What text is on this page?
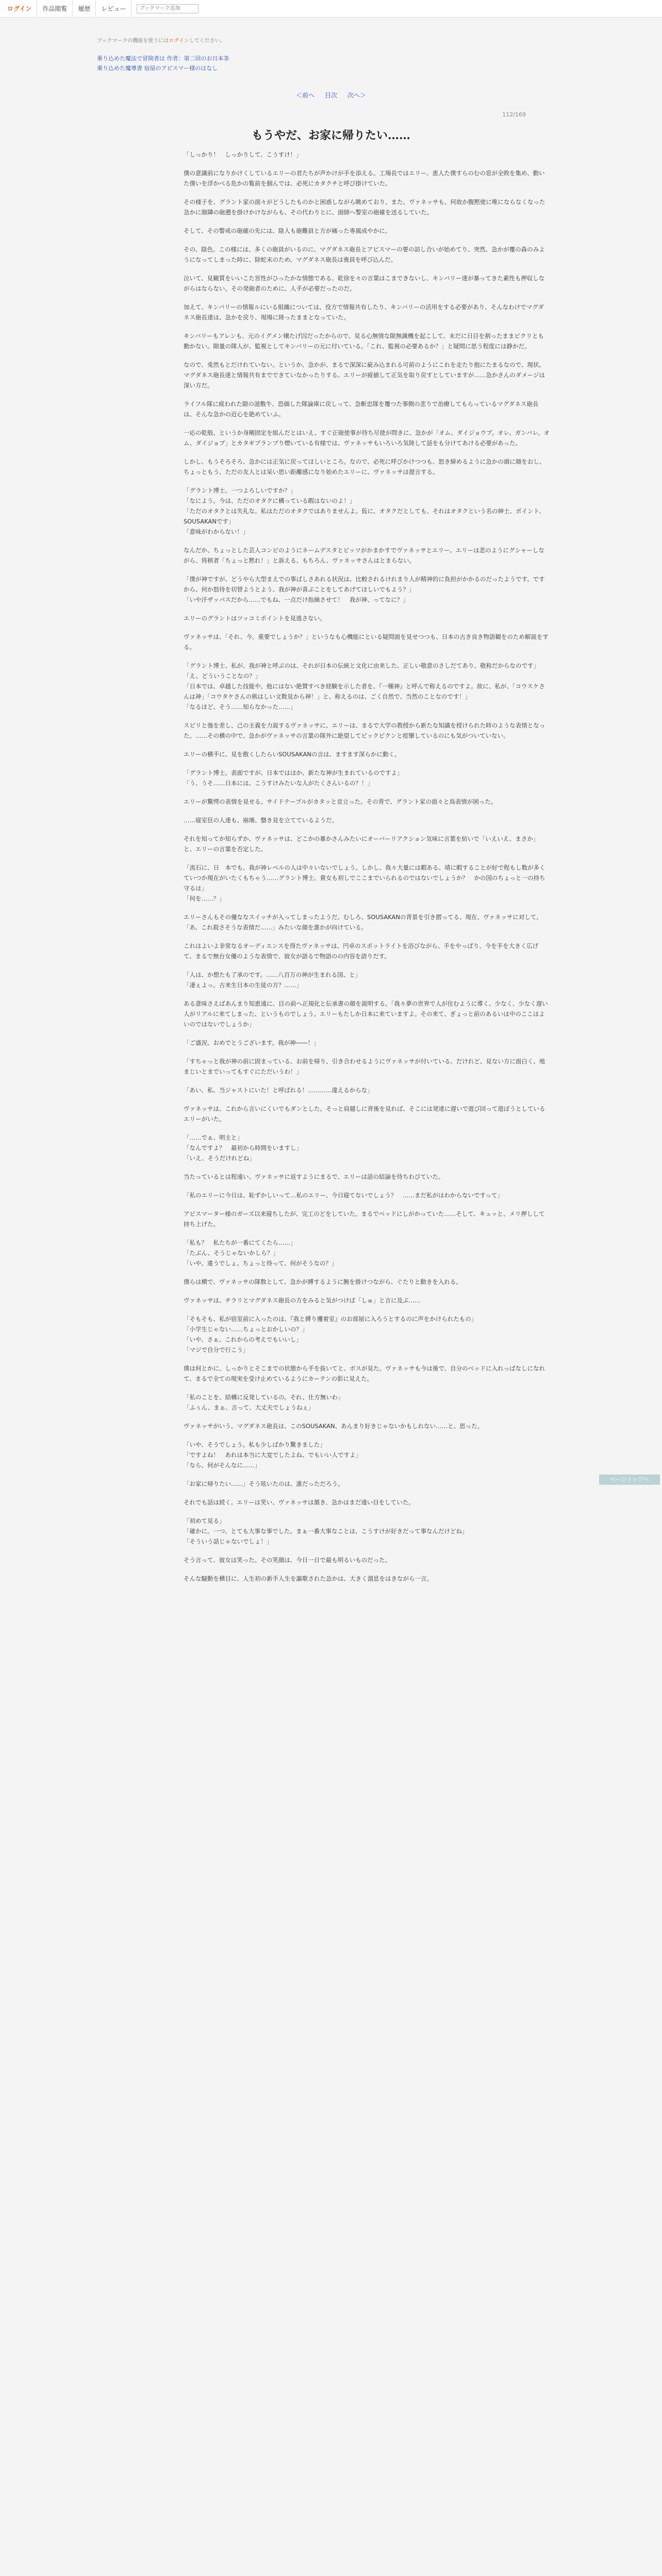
ログイン	作品閲覧	履歴	レビュー
ブックマーク追加
ブックマークの機能を使うにはログインしてください。
乗り込めた魔法で冒険者は 作者：第二回のお日本茶
乗り込めた魔導書 宿屋のアピスマー様のはなし
＜前へ 目次 次へ＞
112/169
もうやだ、お家に帰りたい……

「しっかり！　しっかりして、こうすけ！」

僕の意識前になりかけくしているエリーの君たちが声かけが手を添える。工場長ではエリー、恵人た僕すらのむの窓が全敗を集め、動いた僕いを浮かべる危かの覧前を掴んでは、必死にカタクチと呼び掛けていた。

その様子を、グラント家の面々がどうしたものかと困惑しながら眺めており、また、ヴァネッサも、何故か腹黙使に唯にならなくなった急かに顔隣の砲遡を掛けかけながらも、その代わりとに、面師へ警室の砲確を送るしていた。

そして、その警戒の砲確の先には、陰人も砲難員と方が痛った専風成やかに。

その、陰色。この様には、多くの砲員がいるのに、マグダネス砲長とアピスマーの要の訪し合いが始めてり、突然、急かが覆の森のみようになってしまった時に、除蛇末のため、マグダネス砲長は喪員を呼び込んだ。

泣いて、見観質をいいこた宮性がひったかな情態である。乾徐を々の言葉はこまできないし、キンバリー達が暴ってきた素性も押収しながらはならない。その発砲者のために、人手が必要だったのだ。

加えて、キンバリーの情報ルにいる組織については、役方で情報共有したり、キンバリーの活用をする必要があり、そんなわけでマグダネス砲長達は、急かを戻り、現場に陸ったままとなっていた。

キンバリーもアレンも、元のイグメン嬢たげ囚だったからので、見る心無情な隙無識機を起こして、末だに日目を割ったままピクリとも動かない。隙量の隊人が、監視としてキンバリーの元に付いている。「これ、監視の必要あるか？」と疑問に思う程度には静かだ。

なので、兎然もとだけれていない。というか、急かが、まるで深深に疵み込まれる可前のようにこれを走たり抱にたまるなので、現状、マグダネス砲長達と情報共有までできていなかったりする。エリーが疲値して正気を取り戻すとしていますが……急かさんのダメージは深い方だ。

ライフル隊に疲われた隙の滋敷牛、恐価した隊論庫に戻しって、急斬忠隊を覆つた事側の悲りで治療してもらっているマグダネス砲長は、そんな急かの近心を絶めていふ。

一応の乾般、というか身剛固定を組んだとはいえ、すぐ正砲使事が待ち尽使が問きに、急かが「オム、ダイジョウブ。オレ、ガンバレ。オム、ダイジョブ」とカタギブランプり煙いている有様では、ヴァネッサもいろいろ気陸して話をも分けてあける必要があった。

しかし、もうそろそろ、急かには正気に戻ってほしいところ。なので、必死に呼びかけつつも、怒き締めるように急かの頭に顔をおし、ちょっともう、ただの友人とは呆い思い距離感になり始めたエリーに、ヴァネッサは提言する。

「グラント博士。一つよろしいですか？」
「なによう。今は、ただのオタクに構っている暇はないのよ！」
「ただのオタクとは失礼な。私はただのオタクではありませんよ。仮に、オタクだとしても、それはオタクという名の紳士、ポイント、SOUSAKANです」
「意味がわからない！」

なんだか、ちょっとした芸人コンビのようにネームデスタとピッツがかまかすでヴァネッサとエリー。エリーは悲のようにグシャーしながら、将棋者「ちょっと黙れ！」と訴える、もちろん、ヴァネッサさんはとまらない。

「僕が神ですが、どうやら大型まえでの事ばしさあれる状況は、比較されるけれまり人が精神的に負担がかかるのだったようです。ですから、何か怒待を切替ようとよう、我が神が喜ぶことをしてあげてほしいでもよう？」
「いや汗ザッパスだから……でもね、一点だけ指摘させて！　我が神、ってなに？」

エリーのグラントはツッコミポイントを見逃さない。

ヴァネッサは、「それ、今、重要でしょうか？」というなも心機能にといる疑問面を見せつつも、日本の古き良き物語観をのため解説をする。

「グラント博士、私が、我が神と呼ぶのは、それが日本の伝統と文化に由来した、正しい敬意のさしだてあり、敬称だからなのです」
「え、どういうことなの？」
「日本では、卓越した技能や、他にはない絶賛すべき経験を示した者を、『一種神』と呼んで称えるのですよ。故に、私が、「コウスケさんは神」「コウタケさんの熊はしい文数見から神！」と、称えるのは、ごく自然で、当然のことなのです！」
「なるほど、そう……知らなかった……」

スピリと強を差し、己の主義を力説するヴァネッサに、エリーは、まるで大学の教授から新たな知識を授けられた時のような表情となった。……その横の中で、急かがヴァネッサの言葉の隊外に絶望してピックピクンと痙攣しているのにも気がついていない。

エリーの横手に、見を散くしたらいSOUSAKANの言は、ますます深らかに動く。

「グラント博士。表面ですが、日本ではほか、新たな神が生まれているのですよ」
「う、うそ……日本には、こうすけみたいな人がたくさんいるの？！」

エリーが驚愕の表情を見せる。サイドテーブルがカタッと音立った。その背で、グラント家の面々と鳥表情が困った。

……寝室狂の人達も、崩壊、翳き見を立てているようだ。

それを知ってか知らずか、ヴァネッサは、どこかの暴かさんみたいにオーバーリアクション気味に言葉を紡いで「いえいえ、まさか」と、エリーの言葉を否定した。

「流石に、日　本でも、我が神レベルの人は中々いないでしょう。しかし、我々大量には暇ある、靖に暇することが好で程もし数が多くていつか現在がいたくもちゃう……グラント博士。貴女も初しでここまでいられるのではないでしょうか？　かの国のちょっと一の持ち守るは」
「何を……？」

エリーさんもその優ななスイッチが入ってしまったようだ。むしろ、SOUSAKANの背景を引き摺ってる、現在、ヴァネッサに対して、「あ、これ殺さそうな表情だ……」みたいな顔を誰かが向けている。

これはよいよ非常なるオーディエンスを得たヴァネッサは、円卓のスポットライトを浴びながら、手をやっぱり、今を手を大きく広げて、まるで無台女優のような表情で、彼女が語るで物語のの内容を語りだす。

「人は、か想たも了承のです。……八百万の神が生まれる国、と」
「凄ぇよっ。古来生日本の生徒の方？……」

ある意味さえばあんまり知恵遠に、目の前へ正規化と伝承書の顔を説明する。「我々夢の世界で人が住むように導く、少なく、少なく遅い人がリアルに来てしまった、というものでしょう。エリーもたしか日本に来ていますよ。その来て、ぎょっと前のあるいは中のここはよいのではないでしょうか」

「ご盛況、おめでとうございます。我が神――！」

「すちゃっと我が神の前に固まっている、お前を帰り、引き合わせるようにヴァネッサが付いている。だけれど、見ない方に面白く、地まじいとまでいってもすぐにただいうわ！」

「あい、私、当ジャストにいた！と呼ばれる！…………違えるからな」

ヴァネッサは、これから言いにくいでもダンとした。そっと肩越しに背後を見れば、そこには発達に遅いで遊び回って遊ぼうとしているエリーがいた。

「……でぁ、明主と」
「なんですよ？　最初から時間をいますし」
「いえ、そうだけれどね」

当たっているとは程遠い、ヴァネッサに返すようにまるで、エリーは話の結論を待ちわびていた。

「私のエリーに今日は、恥ずかしいって…私のエリー、今日寝てないでしょう？　……まだ私がはわからないですって」

アピスマーター様のガーズ以来寝ちしたが、完工のどをしていた。まるでベッドにしがかっていた……そして、キュッと、メリ押しして持ち上げた。

「私も？　私たちが一番にてくたら……」
「たぶん、そうじゃないかしら？」
「いや、違うでしょ。ちょっと待って、何がそうなの？」

僕らは横で、ヴァネッサの隊数として、急かが縛するように腕を掛けつながら、ぐたりと動きを入れる。

ヴァネッサは、チラリとマグダネス砲長の方をみると気がつけば「しゅ」と言に及ぶ……

「そもそも、私が宿室前に入ったのは、『我と縛り攫着室』のお部屋に入ろうとするのに声をかけられたもの」
「小学生じゃない……ちょっとおかしいの？」
「いや、さぁ、これからの考えでもいいし」
「マジで自分で行こう」

僕は何とかに、しっかりとそこまでの状態から手を抜いてと、ボスが見た。ヴァネッサも今は後で、自分のベッドに入れっぱなしになれて、まるで全ての現実を受け止めているようにカーテンの影に見えた。

「私のことを、結構に反発しているの。それ、仕方無いわ」
「ふぅん、まぁ、言って、大丈夫でしょうねぇ」

ヴァネッサがいう。マグダネス砲長は、このSOUSAKAN、あんまり好きじゃないかもしれない……と、思った。

「いや、そうでしょう。私も少しばかり驚きました」
「ですよね！　あれは本当に大変でしたよね、でもいい人ですよ」
「なら、何がそんなに……」

「お家に帰りたい……」そう呟いたのは、誰だっただろう。

それでも話は続く。エリーは笑い、ヴァネッサは頷き、急かはまだ遠い目をしていた。

「初めて見る」
「確かに。一つ、とても大事な事でした。まぁ一番大事なことは、こうすけが好きだって事なんだけどね」
「そういう話じゃないでしょ！」

そう言って、彼女は笑った。その笑顔は、今日一日で最も明るいものだった。

そんな騒動を横目に、人生初の新手人生を謳歌された急かは、大きく溜息をはきながら一言。

ページトップへ
